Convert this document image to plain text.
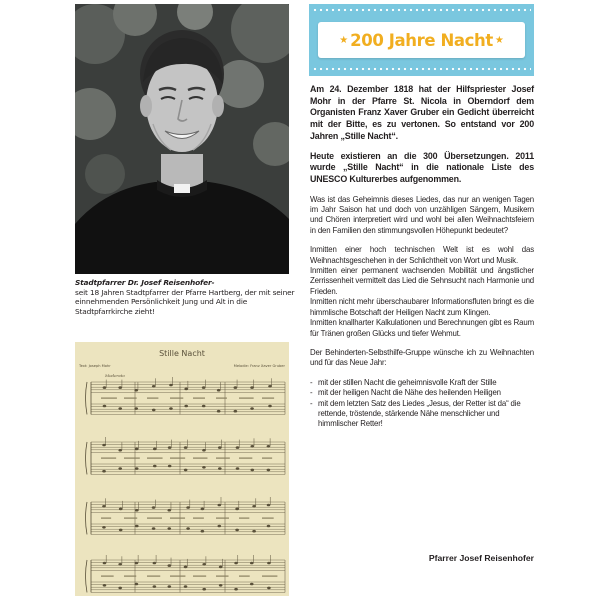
Stadtpfarrer Dr. Josef Reisenhofer-
seit 18 Jahren Stadtpfarrer der Pfarre Hartberg, der mit seiner einnehmenden Persönlichkeit Jung und Alt in die Stadtpfarrkirche zieht!
Stille Nacht
Text: Joseph Mohr	Melodie: Franz Xaver Gruber
Moderato
★ 200 Jahre Nacht ★

Am 24. Dezember 1818 hat der Hilfspriester Josef Mohr in der Pfarre St. Nicola in Oberndorf dem Organisten Franz Xaver Gruber ein Gedicht überreicht mit der Bitte, es zu vertonen. So entstand vor 200 Jahren „Stille Nacht“.

Heute existieren an die 300 Übersetzungen. 2011 wurde „Stille Nacht“ in die nationale Liste des UNESCO Kulturerbes aufgenommen.

Was ist das Geheimnis dieses Liedes, das nur an wenigen Tagen im Jahr Saison hat und doch von unzähligen Sängern, Musikern und Chören interpretiert wird und wohl bei allen Weihnachtsfeiern in den Familien den stimmungsvollen Höhepunkt bedeutet?

Inmitten einer hoch technischen Welt ist es wohl das Weihnachtsgeschehen in der Schlichtheit von Wort und Musik.

Inmitten einer permanent wachsenden Mobilität und ängstlicher Zerrissenheit vermittelt das Lied die Sehnsucht nach Harmonie und Frieden.

Inmitten nicht mehr überschaubarer Informationsfluten bringt es die himmlische Botschaft der Heiligen Nacht zum Klingen.

Inmitten knallharter Kalkulationen und Berechnungen gibt es Raum für Tränen großen Glücks und tiefer Wehmut.

Der Behinderten-Selbsthilfe-Gruppe wünsche ich zu Weihnachten und für das Neue Jahr:

- mit der stillen Nacht die geheimnisvolle Kraft der Stille
- mit der heiligen Nacht die Nähe des heilenden Heiligen
- mit dem letzten Satz des Liedes „Jesus, der Retter ist da“ die rettende, tröstende, stärkende Nähe menschlicher und himmlischer Retter!

Pfarrer Josef Reisenhofer
